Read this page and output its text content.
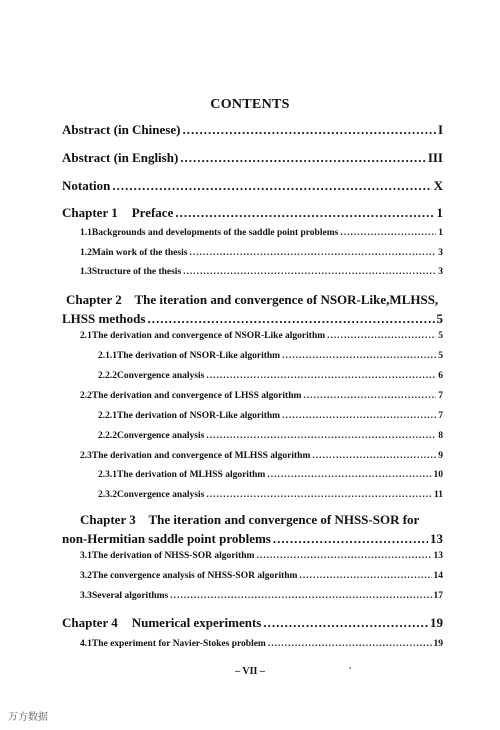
CONTENTS
Abstract (in Chinese) .....	I
Abstract (in English) .....	III
Notation .....	X
Chapter 1 Preface .....	1
1.1 Backgrounds and developments of the saddle point problems .....	1
1.2 Main work of the thesis .....	3
1.3 Structure of the thesis .....	3
Chapter 2    The iteration and convergence of NSOR-Like,MLHSS,
LHSS methods .....	5
2.1 The derivation and convergence of NSOR-Like algorithm .....	5
2.1.1 The derivation of NSOR-Like algorithm .....	5
2.2.2 Convergence analysis .....	6
2.2 The derivation and convergence of LHSS algorithm .....	7
2.2.1 The derivation of NSOR-Like algorithm .....	7
2.2.2 Convergence analysis .....	8
2.3 The derivation and convergence of MLHSS algorithm .....	9
2.3.1 The derivation of MLHSS algorithm .....	10
2.3.2 Convergence analysis .....	11
Chapter 3    The iteration and convergence of NHSS-SOR for
non-Hermitian saddle point problems .....	13
3.1 The derivation of NHSS-SOR algorithm .....	13
3.2 The convergence analysis of NHSS-SOR algorithm .....	14
3.3 Several algorithms .....	17
Chapter 4 Numerical experiments .....	19
4.1 The experiment for Navier-Stokes problem .....	19
– VII –
万方数据
